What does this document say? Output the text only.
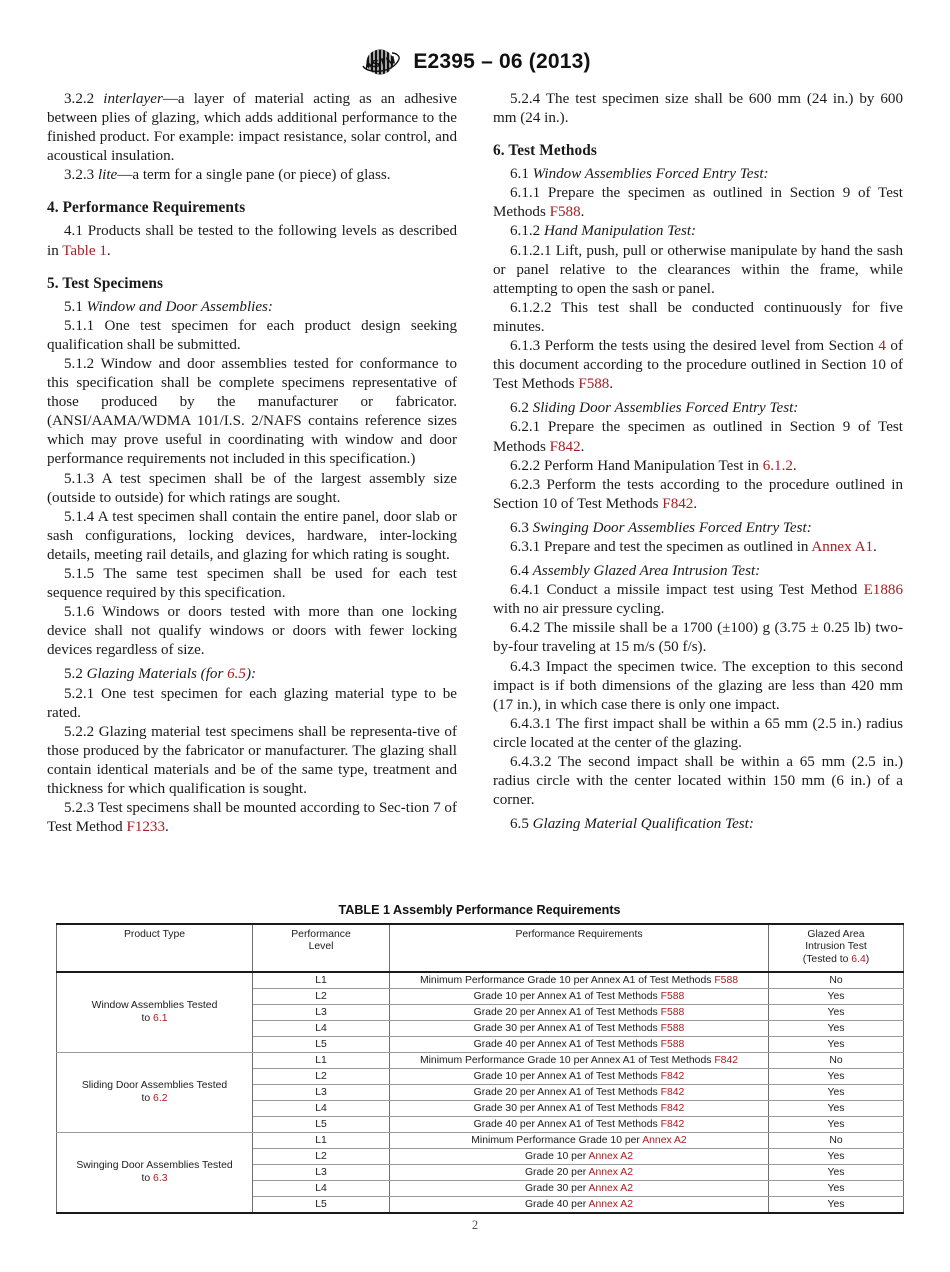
ASTM E2395 – 06 (2013)

3.2.2 interlayer—a layer of material acting as an adhesive between plies of glazing, which adds additional performance to the finished product. For example: impact resistance, solar control, and acoustical insulation.

3.2.3 lite—a term for a single pane (or piece) of glass.

4. Performance Requirements

4.1 Products shall be tested to the following levels as described in Table 1.

5. Test Specimens

5.1 Window and Door Assemblies:

5.1.1 One test specimen for each product design seeking qualification shall be submitted.

5.1.2 Window and door assemblies tested for conformance to this specification shall be complete specimens representative of those produced by the manufacturer or fabricator. (ANSI/AAMA/WDMA 101/I.S. 2/NAFS contains reference sizes which may prove useful in coordinating with window and door performance requirements not included in this specification.)

5.1.3 A test specimen shall be of the largest assembly size (outside to outside) for which ratings are sought.

5.1.4 A test specimen shall contain the entire panel, door slab or sash configurations, locking devices, hardware, inter-locking details, meeting rail details, and glazing for which rating is sought.

5.1.5 The same test specimen shall be used for each test sequence required by this specification.

5.1.6 Windows or doors tested with more than one locking device shall not qualify windows or doors with fewer locking devices regardless of size.

5.2 Glazing Materials (for 6.5):

5.2.1 One test specimen for each glazing material type to be rated.

5.2.2 Glazing material test specimens shall be representa-tive of those produced by the fabricator or manufacturer. The glazing shall contain identical materials and be of the same type, treatment and thickness for which qualification is sought.

5.2.3 Test specimens shall be mounted according to Sec-tion 7 of Test Method F1233.

5.2.4 The test specimen size shall be 600 mm (24 in.) by 600 mm (24 in.).

6. Test Methods

6.1 Window Assemblies Forced Entry Test:

6.1.1 Prepare the specimen as outlined in Section 9 of Test Methods F588.

6.1.2 Hand Manipulation Test:

6.1.2.1 Lift, push, pull or otherwise manipulate by hand the sash or panel relative to the clearances within the frame, while attempting to open the sash or panel.

6.1.2.2 This test shall be conducted continuously for five minutes.

6.1.3 Perform the tests using the desired level from Section 4 of this document according to the procedure outlined in Section 10 of Test Methods F588.

6.2 Sliding Door Assemblies Forced Entry Test:

6.2.1 Prepare the specimen as outlined in Section 9 of Test Methods F842.

6.2.2 Perform Hand Manipulation Test in 6.1.2.

6.2.3 Perform the tests according to the procedure outlined in Section 10 of Test Methods F842.

6.3 Swinging Door Assemblies Forced Entry Test:

6.3.1 Prepare and test the specimen as outlined in Annex A1.

6.4 Assembly Glazed Area Intrusion Test:

6.4.1 Conduct a missile impact test using Test Method E1886 with no air pressure cycling.

6.4.2 The missile shall be a 1700 (±100) g (3.75 ± 0.25 lb) two-by-four traveling at 15 m/s (50 f/s).

6.4.3 Impact the specimen twice. The exception to this second impact is if both dimensions of the glazing are less than 420 mm (17 in.), in which case there is only one impact.

6.4.3.1 The first impact shall be within a 65 mm (2.5 in.) radius circle located at the center of the glazing.

6.4.3.2 The second impact shall be within a 65 mm (2.5 in.) radius circle with the center located within 150 mm (6 in.) of a corner.

6.5 Glazing Material Qualification Test:

TABLE 1 Assembly Performance Requirements
Product Type	Performance
Level	Performance Requirements	Glazed Area
Intrusion Test
(Tested to 6.4)
Window Assemblies Tested
to 6.1	L1	Minimum Performance Grade 10 per Annex A1 of Test Methods F588	No
	L2	Grade 10 per Annex A1 of Test Methods F588	Yes
	L3	Grade 20 per Annex A1 of Test Methods F588	Yes
	L4	Grade 30 per Annex A1 of Test Methods F588	Yes
	L5	Grade 40 per Annex A1 of Test Methods F588	Yes
Sliding Door Assemblies Tested
to 6.2	L1	Minimum Performance Grade 10 per Annex A1 of Test Methods F842	No
	L2	Grade 10 per Annex A1 of Test Methods F842	Yes
	L3	Grade 20 per Annex A1 of Test Methods F842	Yes
	L4	Grade 30 per Annex A1 of Test Methods F842	Yes
	L5	Grade 40 per Annex A1 of Test Methods F842	Yes
Swinging Door Assemblies Tested
to 6.3	L1	Minimum Performance Grade 10 per Annex A2	No
	L2	Grade 10 per Annex A2	Yes
	L3	Grade 20 per Annex A2	Yes
	L4	Grade 30 per Annex A2	Yes
	L5	Grade 40 per Annex A2	Yes
2
